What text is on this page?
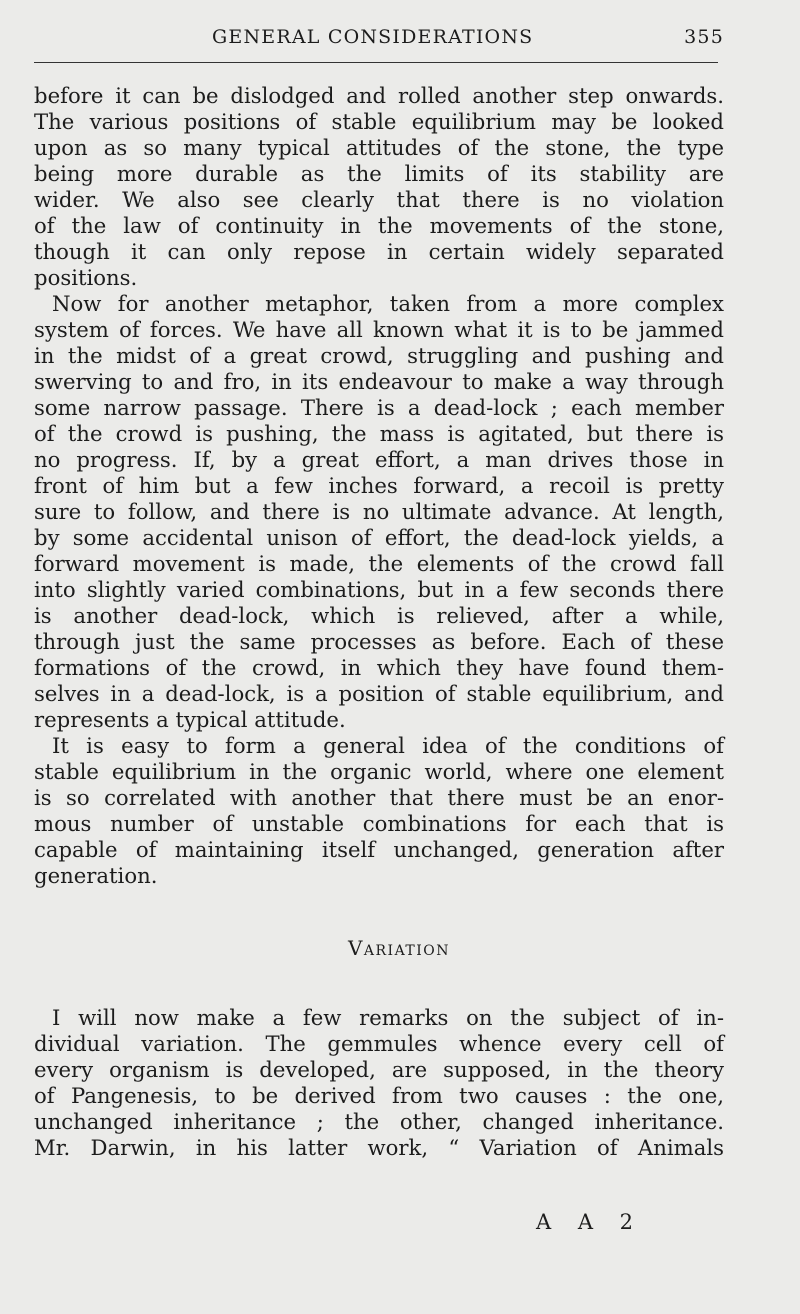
GENERAL CONSIDERATIONS	355
before it can be dislodged and rolled another step onwards.
The various positions of stable equilibrium may be looked
upon as so many typical attitudes of the stone, the type
being more durable as the limits of its stability are
wider. We also see clearly that there is no violation
of the law of continuity in the movements of the stone,
though it can only repose in certain widely separated
positions.
Now for another metaphor, taken from a more complex
system of forces. We have all known what it is to be jammed
in the midst of a great crowd, struggling and pushing and
swerving to and fro, in its endeavour to make a way through
some narrow passage. There is a dead-lock ; each member
of the crowd is pushing, the mass is agitated, but there is
no progress. If, by a great effort, a man drives those in
front of him but a few inches forward, a recoil is pretty
sure to follow, and there is no ultimate advance. At length,
by some accidental unison of effort, the dead-lock yields, a
forward movement is made, the elements of the crowd fall
into slightly varied combinations, but in a few seconds there
is another dead-lock, which is relieved, after a while,
through just the same processes as before. Each of these
formations of the crowd, in which they have found them-
selves in a dead-lock, is a position of stable equilibrium, and
represents a typical attitude.
It is easy to form a general idea of the conditions of
stable equilibrium in the organic world, where one element
is so correlated with another that there must be an enor-
mous number of unstable combinations for each that is
capable of maintaining itself unchanged, generation after
generation.
Variation
I will now make a few remarks on the subject of in-
dividual variation. The gemmules whence every cell of
every organism is developed, are supposed, in the theory
of Pangenesis, to be derived from two causes : the one,
unchanged inheritance ; the other, changed inheritance.
Mr. Darwin, in his latter work, “ Variation of Animals
A A 2
